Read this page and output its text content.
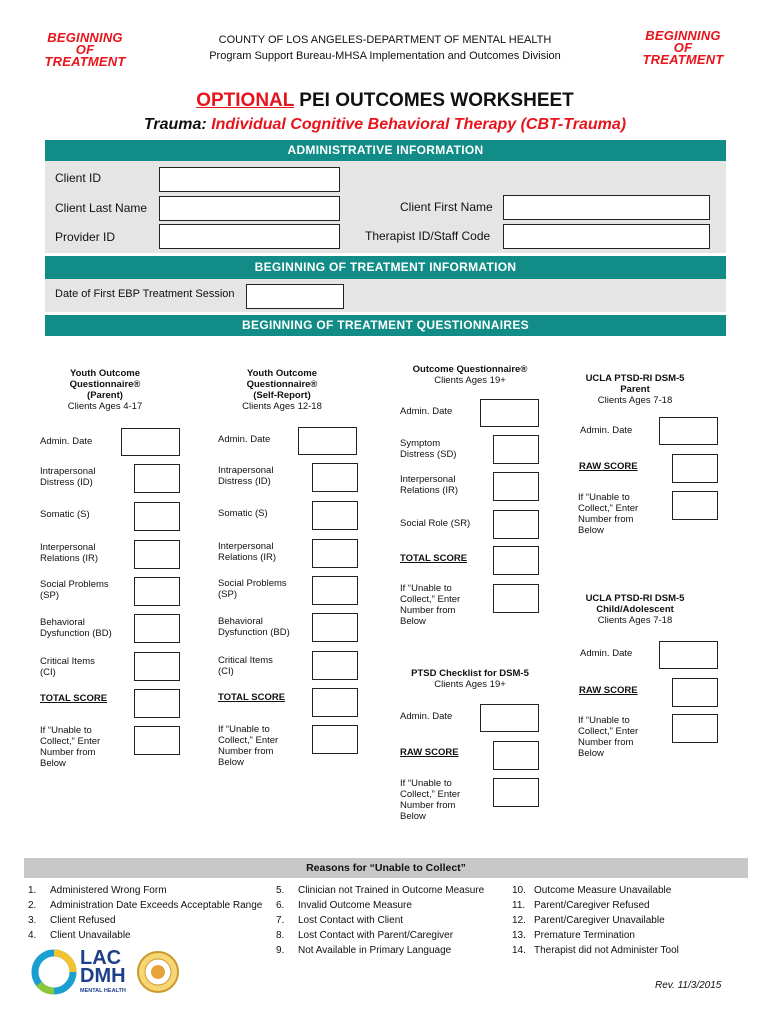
BEGINNING
OF
TREATMENT
BEGINNING
OF
TREATMENT
COUNTY OF LOS ANGELES-DEPARTMENT OF MENTAL HEALTH
Program Support Bureau-MHSA Implementation and Outcomes Division
OPTIONAL PEI OUTCOMES WORKSHEET
Trauma: Individual Cognitive Behavioral Therapy (CBT-Trauma)
ADMINISTRATIVE INFORMATION
Client ID
Client Last Name	Client First Name
Provider ID	Therapist ID/Staff Code
BEGINNING OF TREATMENT INFORMATION
Date of First EBP Treatment Session
BEGINNING OF TREATMENT QUESTIONNAIRES
Youth Outcome
Questionnaire®
(Parent)
Clients Ages 4-17
Admin. Date
Intrapersonal
Distress (ID)
Somatic (S)
Interpersonal
Relations (IR)
Social Problems
(SP)
Behavioral
Dysfunction (BD)
Critical Items
(CI)
TOTAL SCORE
If “Unable to
Collect,” Enter
Number from
Below
Youth Outcome
Questionnaire®
(Self-Report)
Clients Ages 12-18
Admin. Date
Intrapersonal
Distress (ID)
Somatic (S)
Interpersonal
Relations (IR)
Social Problems
(SP)
Behavioral
Dysfunction (BD)
Critical Items
(CI)
TOTAL SCORE
If “Unable to
Collect,” Enter
Number from
Below
Outcome Questionnaire®
Clients Ages 19+
Admin. Date
Symptom
Distress (SD)
Interpersonal
Relations (IR)
Social Role (SR)
TOTAL SCORE
If “Unable to
Collect,” Enter
Number from
Below
PTSD Checklist for DSM-5
Clients Ages 19+
Admin. Date
RAW SCORE
If “Unable to
Collect,” Enter
Number from
Below
UCLA PTSD-RI DSM-5
Parent
Clients Ages 7-18
Admin. Date
RAW SCORE
If “Unable to
Collect,” Enter
Number from
Below
UCLA PTSD-RI DSM-5
Child/Adolescent
Clients Ages 7-18
Admin. Date
RAW SCORE
If “Unable to
Collect,” Enter
Number from
Below
Reasons for “Unable to Collect”
1. Administered Wrong Form
2. Administration Date Exceeds Acceptable Range
3. Client Refused
4. Client Unavailable
5. Clinician not Trained in Outcome Measure
6. Invalid Outcome Measure
7. Lost Contact with Client
8. Lost Contact with Parent/Caregiver
9. Not Available in Primary Language
10. Outcome Measure Unavailable
11. Parent/Caregiver Refused
12. Parent/Caregiver Unavailable
13. Premature Termination
14. Therapist did not Administer Tool
LAC
DMH
MENTAL HEALTH	Rev. 11/3/2015
